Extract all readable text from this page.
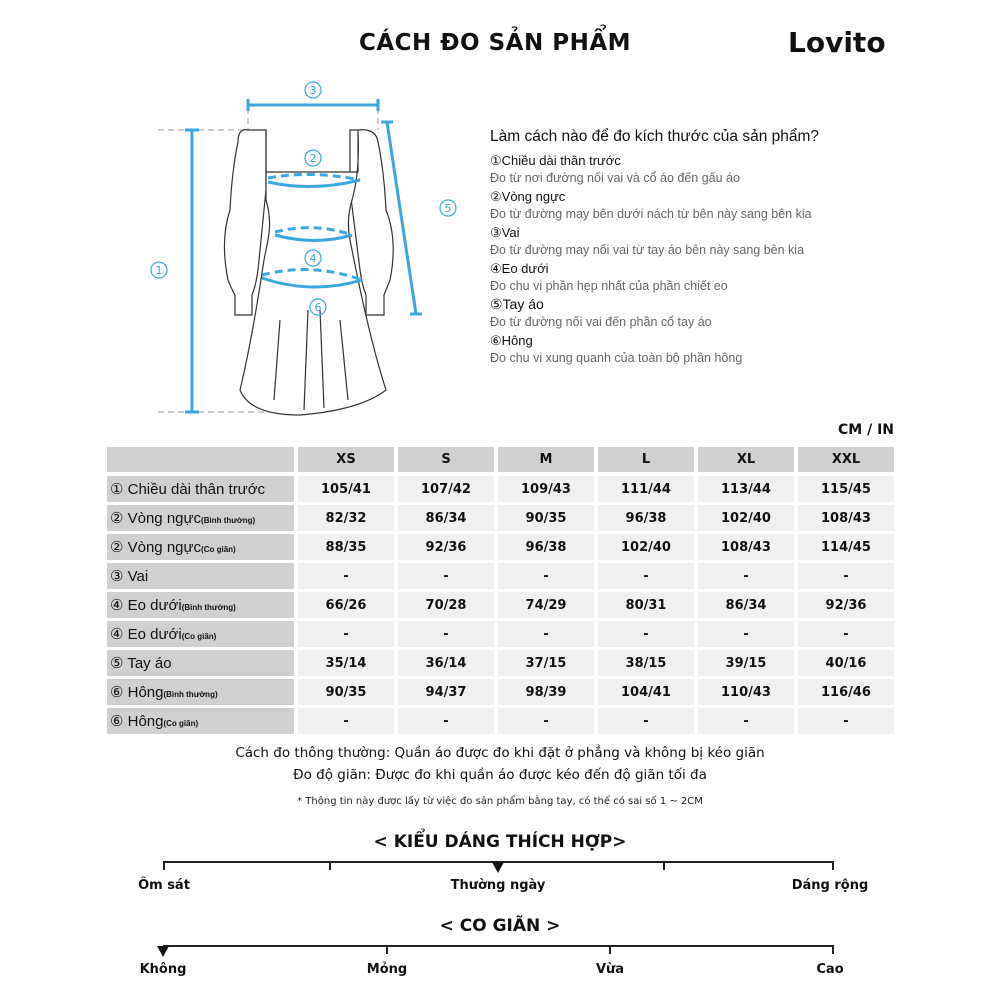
CÁCH ĐO SẢN PHẨM	Lovito
3
2
4
6
1
5
Làm cách nào để đo kích thước của sản phẩm?
①Chiều dài thân trước
Đo từ nơi đường nối vai và cổ áo đến gấu áo
②Vòng ngực
Đo từ đường may bên dưới nách từ bên này sang bên kia
③Vai
Đo từ đường may nối vai từ tay áo bên này sang bên kia
④Eo dưới
Đo chu vi phần hẹp nhất của phần chiết eo
⑤Tay áo
Đo từ đường nối vai đến phần cổ tay áo
⑥Hông
Đo chu vi xung quanh của toàn bộ phần hông
CM / IN
XS	S	M	L	XL	XXL
① Chiều dài thân trước	105/41	107/42	109/43	111/44	113/44	115/45
② Vòng ngực (Bình thường)	82/32	86/34	90/35	96/38	102/40	108/43
② Vòng ngực (Co giãn)	88/35	92/36	96/38	102/40	108/43	114/45
③ Vai	-	-	-	-	-	-
④ Eo dưới (Bình thường)	66/26	70/28	74/29	80/31	86/34	92/36
④ Eo dưới (Co giãn)	-	-	-	-	-	-
⑤ Tay áo	35/14	36/14	37/15	38/15	39/15	40/16
⑥ Hông (Bình thường)	90/35	94/37	98/39	104/41	110/43	116/46
⑥ Hông (Co giãn)	-	-	-	-	-	-
Cách đo thông thường: Quần áo được đo khi đặt ở phẳng và không bị kéo giãn
Đo độ giãn: Được đo khi quần áo được kéo đến độ giãn tối đa
* Thông tin này được lấy từ việc đo sản phẩm bằng tay, có thể có sai số 1 ~ 2CM
< KIỂU DÁNG THÍCH HỢP>
Ôm sát	Thường ngày	Dáng rộng
< CO GIÃN >
Không	Mỏng	Vừa	Cao
